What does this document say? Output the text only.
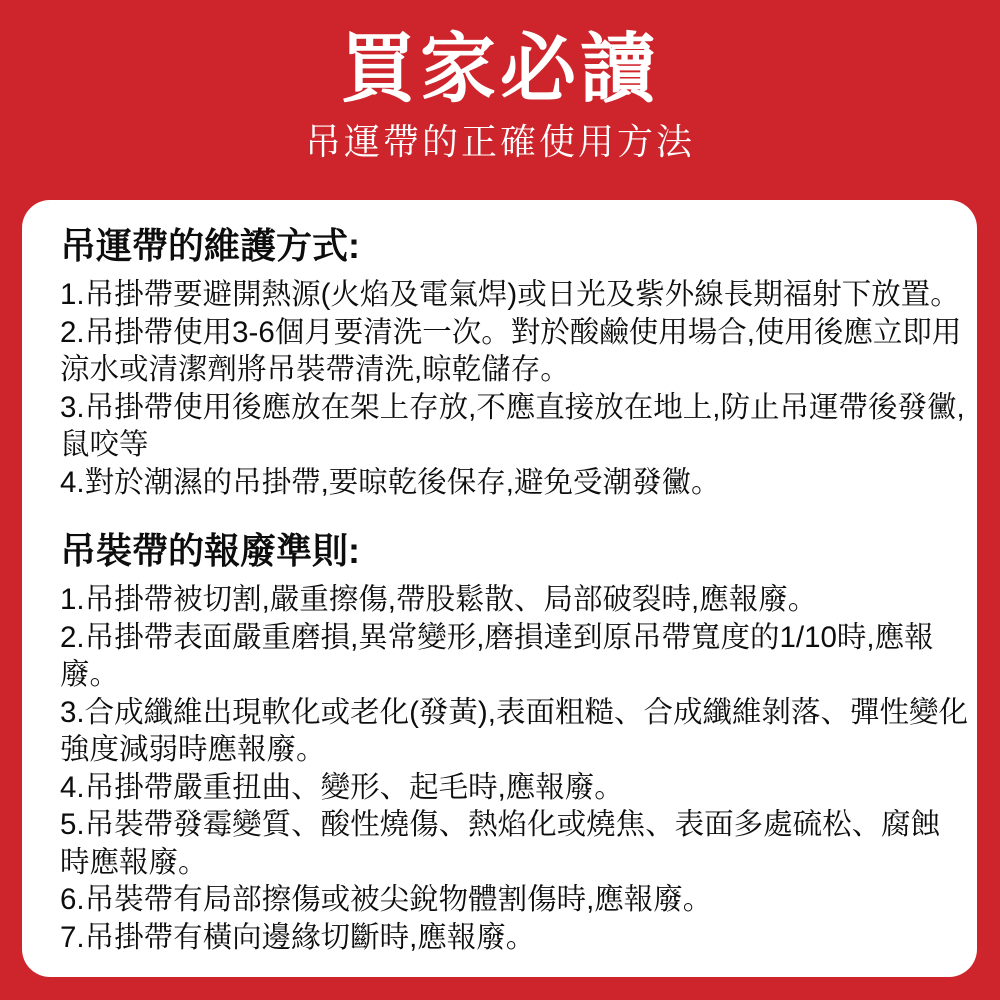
買家必讀
吊運帶的正確使用方法
吊運帶的維護方式:

1.吊掛帶要避開熱源(火焰及電氣焊)或日光及紫外線長期福射下放置。

2.吊掛帶使用3-6個月要清洗一次。對於酸鹼使用場合,使用後應立即用涼水或清潔劑將吊裝帶清洗,晾乾儲存。

3.吊掛帶使用後應放在架上存放,不應直接放在地上,防止吊運帶後發黴,鼠咬等

4.對於潮濕的吊掛帶,要晾乾後保存,避免受潮發黴。

吊裝帶的報廢準則:

1.吊掛帶被切割,嚴重擦傷,帶股鬆散、局部破裂時,應報廢。

2.吊掛帶表面嚴重磨損,異常變形,磨損達到原吊帶寬度的1/10時,應報廢。

3.合成纖維出現軟化或老化(發黃),表面粗糙、合成纖維剝落、彈性變化強度減弱時應報廢。

4.吊掛帶嚴重扭曲、變形、起毛時,應報廢。

5.吊裝帶發霉變質、酸性燒傷、熱焰化或燒焦、表面多處硫松、腐蝕時應報廢。

6.吊裝帶有局部擦傷或被尖銳物體割傷時,應報廢。

7.吊掛帶有橫向邊緣切斷時,應報廢。
